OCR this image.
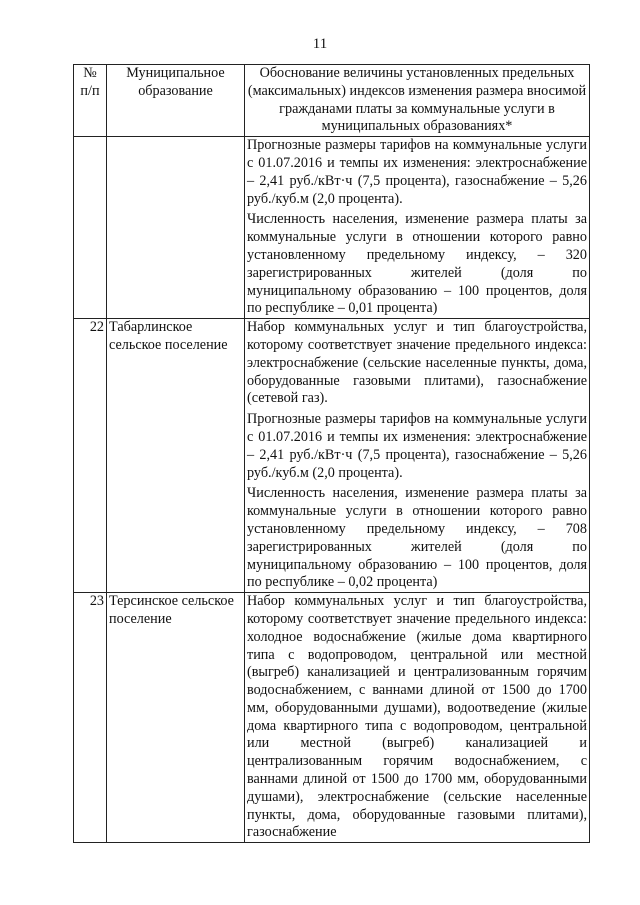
11
№ п/п	Муниципальное образование	Обоснование величины установленных предельных (максимальных) индексов изменения размера вносимой гражданами платы за коммунальные услуги в муниципальных образованиях*

		Прогнозные размеры тарифов на коммунальные услуги с 01.07.2016 и темпы их изменения: электроснабжение – 2,41 руб./кВт·ч (7,5 процента), газоснабжение – 5,26 руб./куб.м (2,0 процента).

Численность населения, изменение размера платы за коммунальные услуги в отношении которого равно установленному предельному индексу, – 320 зарегистрированных жителей (доля по муниципальному образованию – 100 процентов, доля по республике – 0,01 процента)

22	Табарлинское сельское поселение	Набор коммунальных услуг и тип благоустройства, которому соответствует значение предельного индекса: электроснабжение (сельские населенные пункты, дома, оборудованные газовыми плитами), газоснабжение (сетевой газ).

Прогнозные размеры тарифов на коммунальные услуги с 01.07.2016 и темпы их изменения: электроснабжение – 2,41 руб./кВт·ч (7,5 процента), газоснабжение – 5,26 руб./куб.м (2,0 процента).

Численность населения, изменение размера платы за коммунальные услуги в отношении которого равно установленному предельному индексу, – 708 зарегистрированных жителей (доля по муниципальному образованию – 100 процентов, доля по республике – 0,02 процента)

23	Терсинское сельское поселение	Набор коммунальных услуг и тип благоустройства, которому соответствует значение предельного индекса: холодное водоснабжение (жилые дома квартирного типа с водопроводом, центральной или местной (выгреб) канализацией и централизованным горячим водоснабжением, с ваннами длиной от 1500 до 1700 мм, оборудованными душами), водоотведение (жилые дома квартирного типа с водопроводом, центральной или местной (выгреб) канализацией и централизованным горячим водоснабжением, с ваннами длиной от 1500 до 1700 мм, оборудованными душами), электроснабжение (сельские населенные пункты, дома, оборудованные газовыми плитами), газоснабжение
